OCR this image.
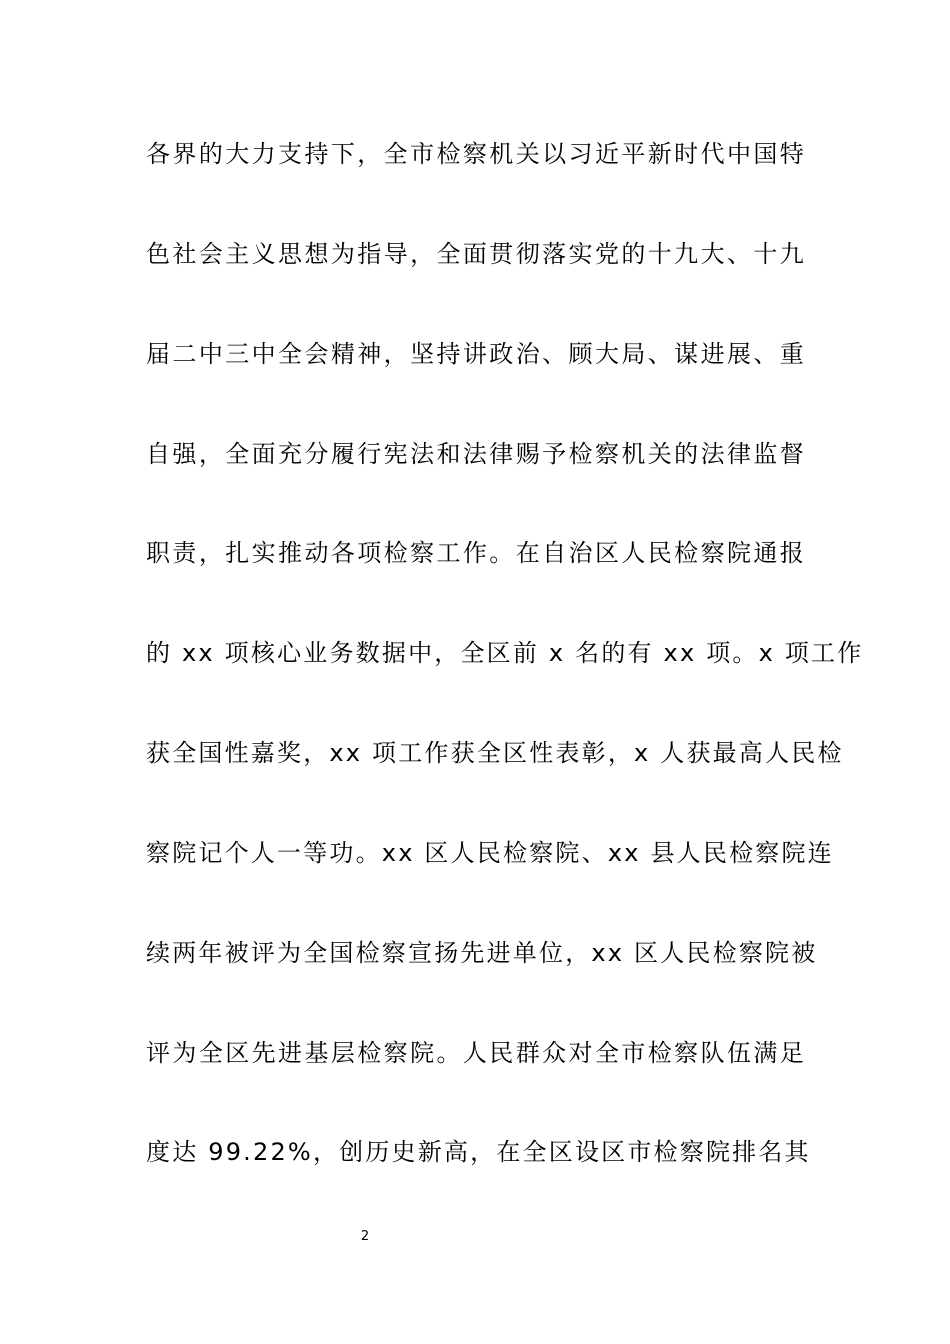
各界的大力支持下，全市检察机关以习近平新时代中国特
色社会主义思想为指导，全面贯彻落实党的十九大、十九
届二中三中全会精神，坚持讲政治、顾大局、谋进展、重
自强，全面充分履行宪法和法律赐予检察机关的法律监督
职责，扎实推动各项检察工作。在自治区人民检察院通报
的 xx 项核心业务数据中，全区前 x 名的有 xx 项。x 项工作
获全国性嘉奖，xx 项工作获全区性表彰，x 人获最高人民检
察院记个人一等功。xx 区人民检察院、xx 县人民检察院连
续两年被评为全国检察宣扬先进单位，xx 区人民检察院被
评为全区先进基层检察院。人民群众对全市检察队伍满足
度达 99.22%，创历史新高，在全区设区市检察院排名其
2
